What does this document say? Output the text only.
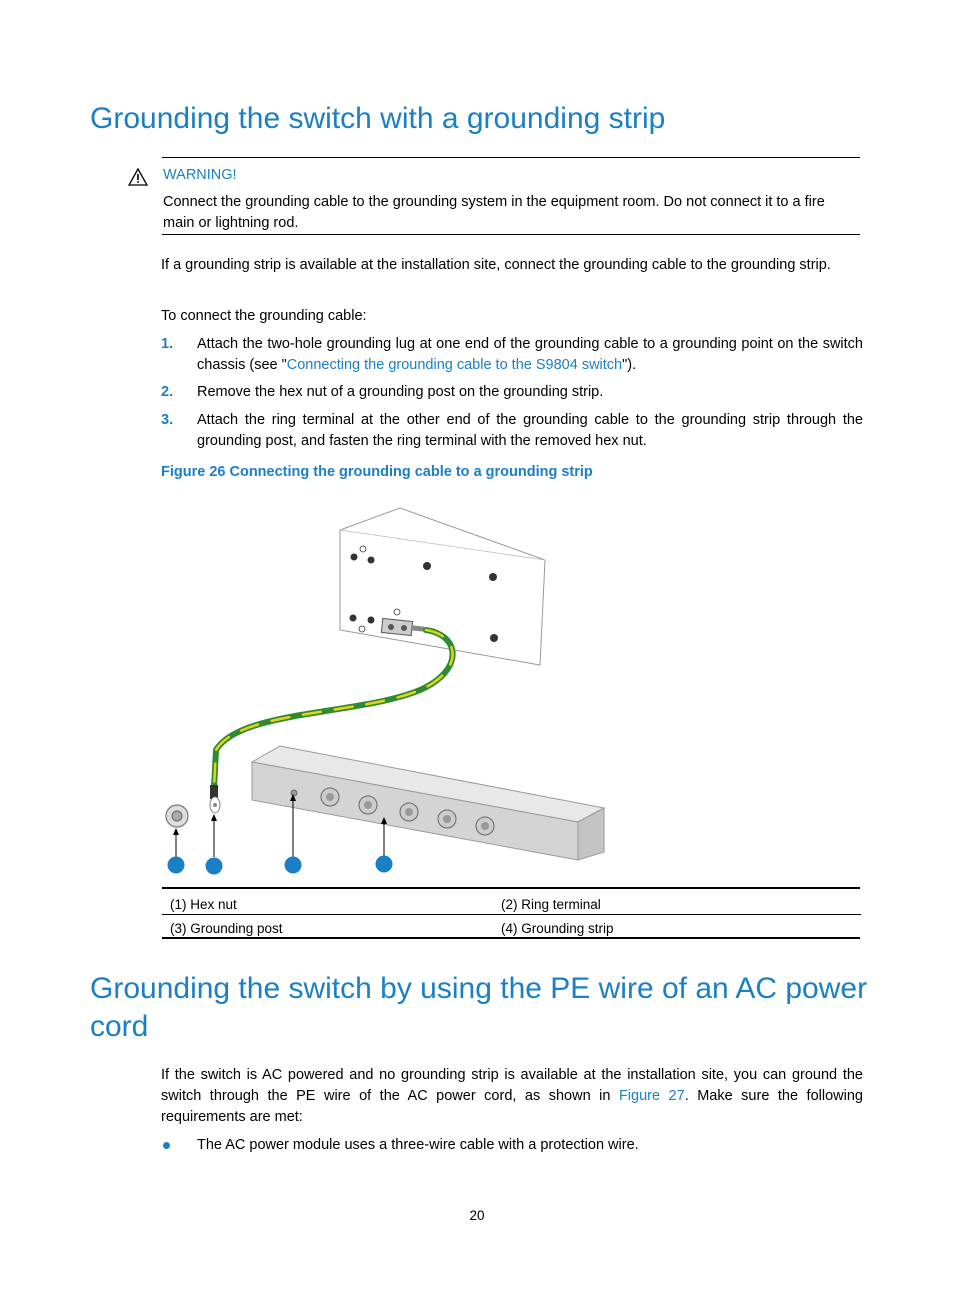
Grounding the switch with a grounding strip
WARNING!
Connect the grounding cable to the grounding system in the equipment room. Do not connect it to a fire main or lightning rod.
If a grounding strip is available at the installation site, connect the grounding cable to the grounding strip.
To connect the grounding cable:
1. Attach the two-hole grounding lug at one end of the grounding cable to a grounding point on the switch chassis (see "Connecting the grounding cable to the S9804 switch").
2. Remove the hex nut of a grounding post on the grounding strip.
3. Attach the ring terminal at the other end of the grounding cable to the grounding strip through the grounding post, and fasten the ring terminal with the removed hex nut.
Figure 26 Connecting the grounding cable to a grounding strip
(1) Hex nut	(2) Ring terminal
(3) Grounding post	(4) Grounding strip
Grounding the switch by using the PE wire of an AC power
cord
If the switch is AC powered and no grounding strip is available at the installation site, you can ground the switch through the PE wire of the AC power cord, as shown in Figure 27. Make sure the following requirements are met:
The AC power module uses a three-wire cable with a protection wire.
20
